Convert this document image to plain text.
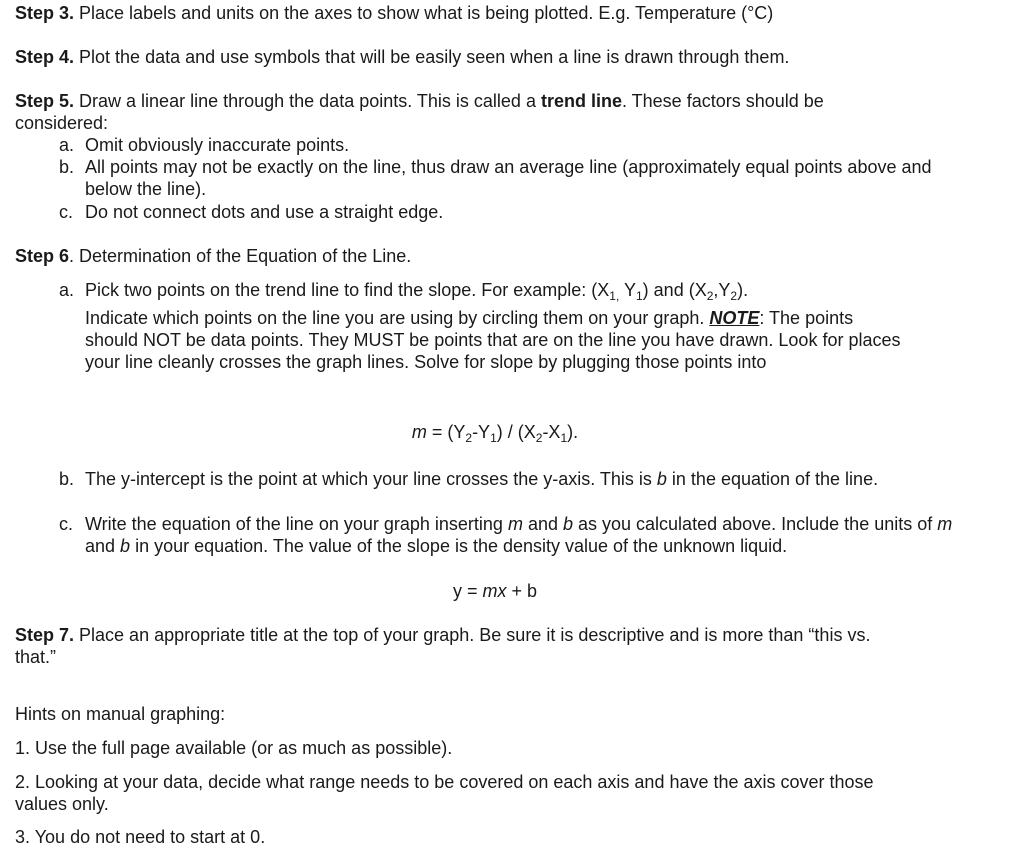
Step 3. Place labels and units on the axes to show what is being plotted. E.g. Temperature (°C)
Step 4. Plot the data and use symbols that will be easily seen when a line is drawn through them.
Step 5. Draw a linear line through the data points. This is called a trend line. These factors should be considered:
a. Omit obviously inaccurate points.
b. All points may not be exactly on the line, thus draw an average line (approximately equal points above and below the line).
c. Do not connect dots and use a straight edge.
Step 6. Determination of the Equation of the Line.
a. Pick two points on the trend line to find the slope. For example: ($X_{1,}$ $Y_1$) and $(X_2,Y_2)$.
Indicate which points on the line you are using by circling them on your graph. NOTE: The points should NOT be data points. They MUST be points that are on the line you have drawn. Look for places your line cleanly crosses the graph lines. Solve for slope by plugging those points into
$m = (Y_2-Y_1) / (X_2-X_1)$.
b. The y-intercept is the point at which your line crosses the y-axis. This is b in the equation of the line.
c. Write the equation of the line on your graph inserting m and b as you calculated above. Include the units of m and b in your equation. The value of the slope is the density value of the unknown liquid.
y = mx + b
Step 7. Place an appropriate title at the top of your graph. Be sure it is descriptive and is more than “this vs. that.”
Hints on manual graphing:
1. Use the full page available (or as much as possible).
2. Looking at your data, decide what range needs to be covered on each axis and have the axis cover those values only.
3. You do not need to start at 0.
